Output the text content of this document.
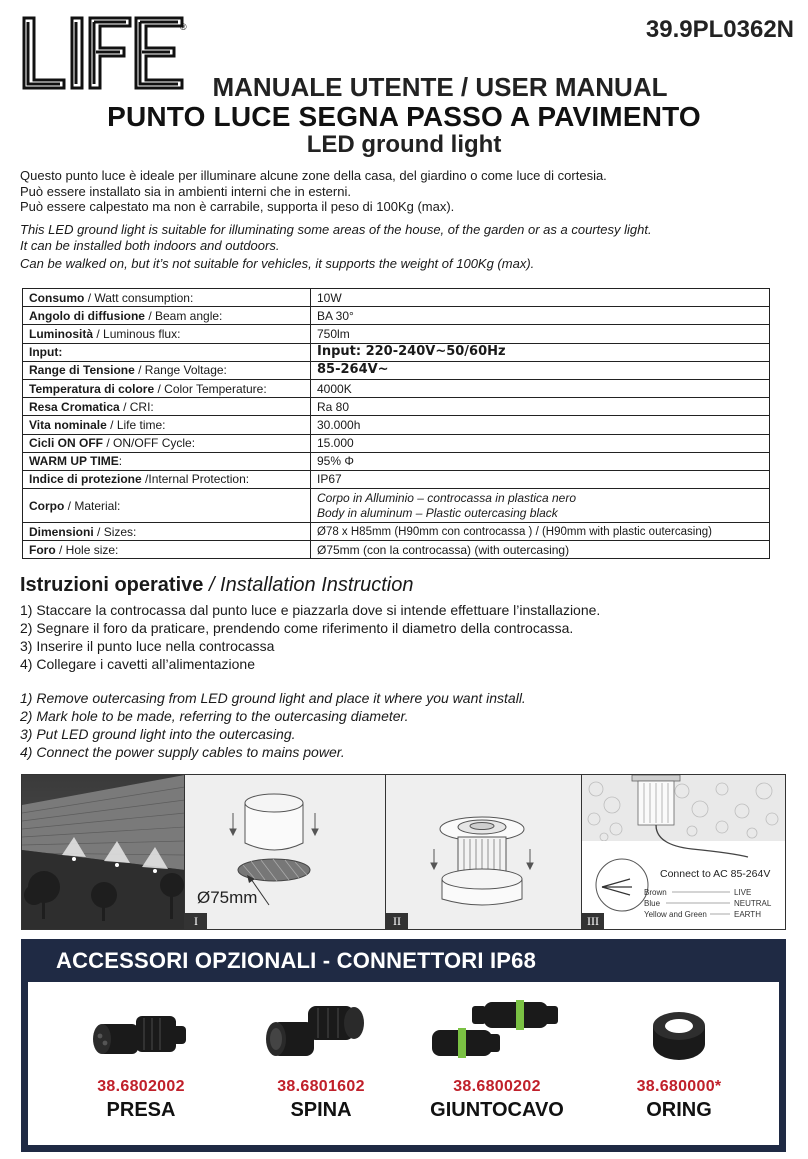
®	39.9PL0362N
MANUALE UTENTE / USER MANUAL
PUNTO LUCE SEGNA PASSO A PAVIMENTO
LED ground light
Questo punto luce è ideale per illuminare alcune zone della casa, del giardino o come luce di cortesia.
Può essere installato sia in ambienti interni che in esterni.
Può essere calpestato ma non è carrabile, supporta il peso di 100Kg (max).
This LED ground light is suitable for illuminating some areas of the house, of the garden or as a courtesy light.
It can be installed both indoors and outdoors.
Can be walked on, but it’s not suitable for vehicles, it supports the weight of 100Kg (max).
Consumo / Watt consumption:	10W
Angolo di diffusione / Beam angle:	BA 30°
Luminosità / Luminous flux:	750lm
Input:	Input: 220-240V~50/60Hz
Range di Tensione / Range Voltage:	85-264V~
Temperatura di colore / Color Temperature:	4000K
Resa Cromatica / CRI:	Ra 80
Vita nominale / Life time:	30.000h
Cicli ON OFF / ON/OFF Cycle:	15.000
WARM UP TIME:	95% Φ
Indice di protezione /Internal Protection:	IP67
Corpo / Material:	Corpo in Alluminio – controcassa in plastica nero
Body in aluminum – Plastic outercasing black

Dimensioni / Sizes:	Ø78 x H85mm (H90mm con controcassa ) / (H90mm with plastic outercasing)
Foro / Hole size:	Ø75mm (con la controcassa) (with outercasing)
Istruzioni operative / Installation Instruction
1) Staccare la controcassa dal punto luce e piazzarla dove si intende effettuare l’installazione.
2) Segnare il foro da praticare, prendendo come riferimento il diametro della controcassa.
3) Inserire il punto luce nella controcassa
4) Collegare i cavetti all’alimentazione
1) Remove outercasing from LED ground light and place it where you want install.
2) Mark hole to be made, referring to the outercasing diameter.
3) Put LED ground light into the outercasing.
4) Connect the power supply cables to mains power.
Ø75mm
I	II
Connect to AC 85-264V
Brown
Blue
Yellow and Green
LIVE
NEUTRAL
EARTH
III
ACCESSORI OPZIONALI - CONNETTORI IP68
38.6802002
PRESA
38.6801602
SPINA
38.6800202
GIUNTOCAVO
38.680000*
ORING
